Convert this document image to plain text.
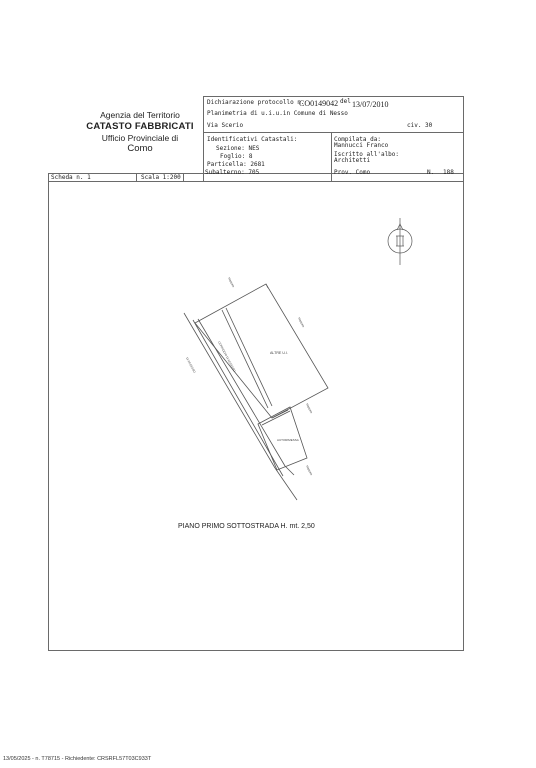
Agenzia del Territorio
CATASTO FABBRICATI
Ufficio Provinciale di
Como
Dichiarazione protocollo n.
CO0149042 del 13/07/2010
Planimetria di u.i.u.in Comune di Nesso
Via Scerio	civ. 30
Identificativi Catastali:
Sezione: NES
Foglio: 8
Particella: 2681
Subalterno: 705
Compilata da:
Mannucci Franco
Iscritto all'albo:
Architetti
Prov. Como	N. 188
Scheda n. 1	Scala 1:200
ALTRE U.I.
AUTORIMESSA
CORRIDOIO DI ACCESSO
DI ACCESSO
Mappale
Mappale
Mappale
Mappale
PIANO PRIMO SOTTOSTRADA H. mt. 2,50
13/05/2025 - n. T78715 - Richiedente: CRSRFL57T03C933T
